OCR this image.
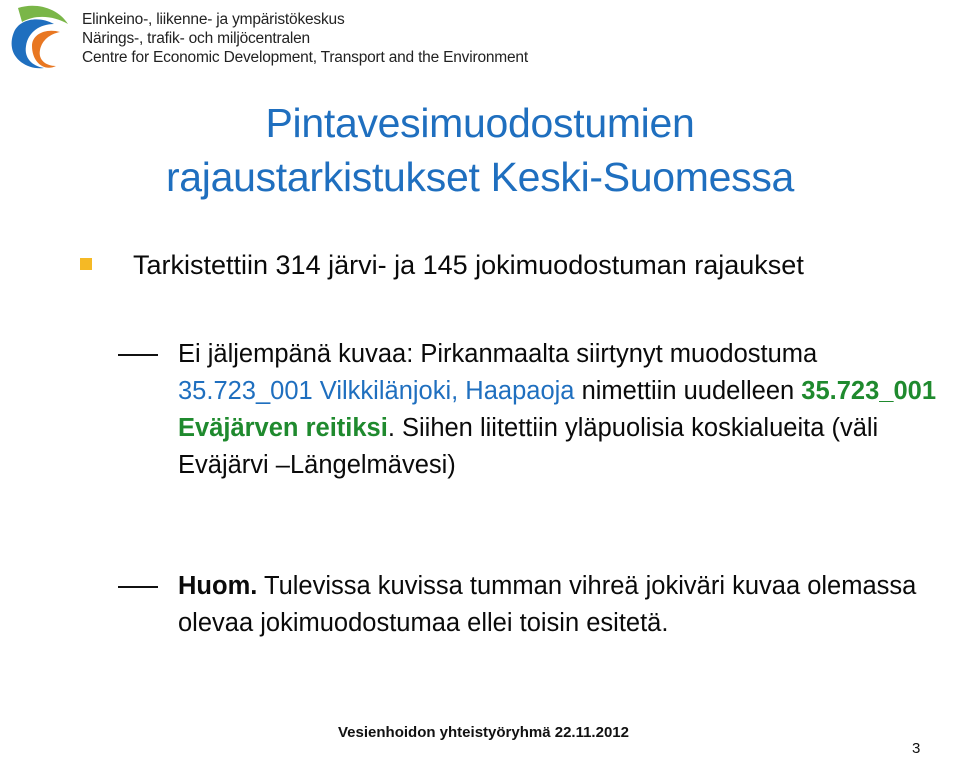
Elinkeino-, liikenne- ja ympäristökeskus
Närings-, trafik- och miljöcentralen
Centre for Economic Development, Transport and the Environment
Pintavesimuodostumien
rajaustarkistukset Keski-Suomessa
Tarkistettiin 314 järvi- ja 145 jokimuodostuman rajaukset
Ei jäljempänä kuvaa: Pirkanmaalta siirtynyt muodostuma 35.723_001 Vilkkilänjoki, Haapaoja nimettiin uudelleen 35.723_001 Eväjärven reitiksi. Siihen liitettiin yläpuolisia koskialueita (väli Eväjärvi –Längelmävesi)
Huom. Tulevissa kuvissa tumman vihreä jokiväri kuvaa olemassa olevaa jokimuodostumaa ellei toisin esitetä.
Vesienhoidon yhteistyöryhmä 22.11.2012
3
